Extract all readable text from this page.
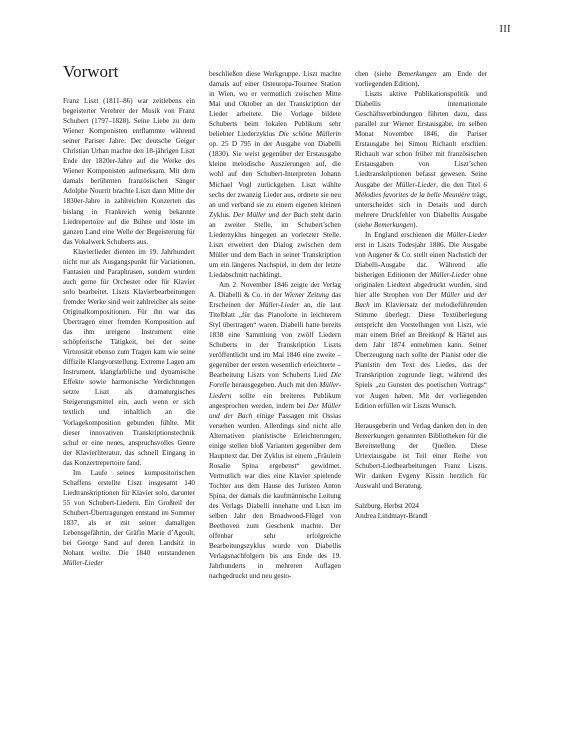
III
Vorwort

Franz Liszt (1811–86) war zeitlebens ein begeisterter Verehrer der Musik von Franz Schubert (1797–1828). Seine Liebe zu dem Wiener Komponisten entflammte während seiner Pariser Jahre: Der deutsche Geiger Christian Urhan machte den 18-jährigen Liszt Ende der 1820er-Jahre auf die Werke des Wiener Komponisten aufmerksam. Mit dem damals berühmten französischen Sänger Adolphe Nourrit brachte Liszt dann Mitte der 1830er-Jahre in zahlreichen Konzerten das bislang in Frankreich wenig bekannte Liedrepertoire auf die Bühne und löste im ganzen Land eine Welle der Begeisterung für das Vokalwerk Schuberts aus.

Klavierlieder dienten im 19. Jahrhundert nicht nur als Ausgangspunkt für Variationen, Fantasien und Paraphrasen, sondern wurden auch gerne für Orchester oder für Klavier solo bearbeitet. Liszts Klavierbearbeitungen fremder Werke sind weit zahlreicher als seine Originalkompositionen. Für ihn war das Übertragen einer fremden Komposition auf das ihm ureigene Instrument eine schöpferische Tätigkeit, bei der seine Virtuosität ebenso zum Tragen kam wie seine diffizile Klangvorstellung. Extreme Lagen am Instrument, klangfarbliche und dynamische Effekte sowie harmonische Verdichtungen setzte Liszt als dramaturgisches Steigerungsmittel ein, auch wenn er sich textlich und inhaltlich an die Vorlagekomposition gebunden fühlte. Mit dieser innovativen Transkriptionstechnik schuf er eine neues, anspruchsvolles Genre der Klavierliteratur, das schnell Eingang in das Konzertrepertoire fand.

Im Laufe seines kompositorischen Schaffens erstellte Liszt insgesamt 140 Liedtranskriptionen für Klavier solo, darunter 55 von Schubert-Liedern. Ein Großteil der Schubert-Übertragungen entstand im Sommer 1837, als er mit seiner damaligen Lebensgefährtin, der Gräfin Marie d’Agoult, bei George Sand auf deren Landsitz in Nohant weilte. Die 1840 entstandenen Müller-Lieder

beschließen diese Werkgruppe. Liszt machte damals auf einer Osteuropa-Tournee Station in Wien, wo er vermutlich zwischen Mitte Mai und Oktober an der Transkription der Lieder arbeitete. Die Vorlage bildete Schuberts beim lokalen Publikum sehr beliebter Liederzyklus Die schöne Müllerin op. 25 D 795 in der Ausgabe von Diabelli (1830). Sie weist gegenüber der Erstausgabe kleine melodische Auszierungen auf, die wohl auf den Schubert-Interpreten Johann Michael Vogl zurückgehen. Liszt wählte sechs der zwanzig Lieder aus, ordnete sie neu an und verband sie zu einem eigenen kleinen Zyklus. Der Müller und der Bach steht darin an zweiter Stelle, im Schubert’schen Liederzyklus hingegen an vorletzter Stelle. Liszt erweitert den Dialog zwischen dem Müller und dem Bach in seiner Transkription um ein längeres Nachspiel, in dem der letzte Liedabschnitt nachklingt.

Am 2. November 1846 zeigte der Verlag A. Diabelli & Co. in der Wiener Zeitung das Erscheinen der Müller-Lieder an, die laut Titelblatt „für das Pianoforte in leichterem Styl übertragen“ waren. Diabelli hatte bereits 1838 eine Sammlung von zwölf Liedern Schuberts in der Transkription Liszts veröffentlicht und im Mai 1846 eine zweite – gegenüber der ersten wesentlich erleichterte – Bearbeitung Liszts von Schuberts Lied Die Forelle herausgegeben. Auch mit den Müller-Liedern sollte ein breiteres Publikum angesprochen werden, indem bei Der Müller und der Bach einige Passagen mit Ossias versehen wurden. Allerdings sind nicht alle Alternativen pianistische Erleichterungen, einige stellen bloß Varianten gegenüber dem Haupttext dar. Der Zyklus ist einem „Fräulein Rosalie Spina ergebenst“ gewidmet. Vermutlich war dies eine Klavier spielende Tochter aus dem Hause des Juristen Anton Spina, der damals die kaufmännische Leitung des Verlags Diabelli innehatte und Liszt im selben Jahr den Broadwood-Flügel von Beethoven zum Geschenk machte. Der offenbar sehr erfolgreiche Bearbeitungszyklus wurde von Diabellis Verlagsnachfolgern bis ans Ende des 19. Jahrhunderts in mehreren Auflagen nachgedruckt und neu gesto-

chen (siehe Bemerkungen am Ende der vorliegenden Edition).

Liszts aktive Publikationspolitik und Diabellis internationale Geschäftsverbindungen führten dazu, dass parallel zur Wiener Erstausgabe, im selben Monat November 1846, die Pariser Erstausgabe bei Simon Richault erschien. Richault war schon früher mit französischen Erstausgaben von Liszt’schen Liedtranskriptionen befasst gewesen. Seine Ausgabe der Müller-Lieder, die den Titel 6 Mélodies favorites de la belle Meunière trägt, unterscheidet sich in Details und durch mehrere Druckfehler von Diabellis Ausgabe (siehe Bemerkungen).

In England erschienen die Müller-Lieder erst in Liszts Todesjahr 1886. Die Ausgabe von Augener & Co. stellt einen Nachstich der Diabelli-Ausgabe dar. Während alle bisherigen Editionen der Müller-Lieder ohne originalen Liedtext abgedruckt wurden, sind hier alle Strophen von Der Müller und der Bach im Klaviersatz der melodieführenden Stimme überlegt. Diese Textüberlegung entspricht den Vorstellungen von Liszt, wie man einem Brief an Breitkopf & Härtel aus dem Jahr 1874 entnehmen kann. Seiner Überzeugung nach sollte der Pianist oder die Pianistin den Text des Liedes, das der Transkription zugrunde liegt, während des Spiels „zu Gunsten des poetischen Vortrags“ vor Augen haben. Mit der vorliegenden Edition erfüllen wir Liszts Wunsch.

Herausgeberin und Verlag danken den in den Bemerkungen genannten Bibliotheken für die Bereitstellung der Quellen. Diese Urtextausgabe ist Teil einer Reihe von Schubert-Liedbearbeitungen Franz Liszts. Wir danken Evgeny Kissin herzlich für Auswahl und Beratung.

Salzburg, Herbst 2024

Andrea Lindmayr-Brandl
